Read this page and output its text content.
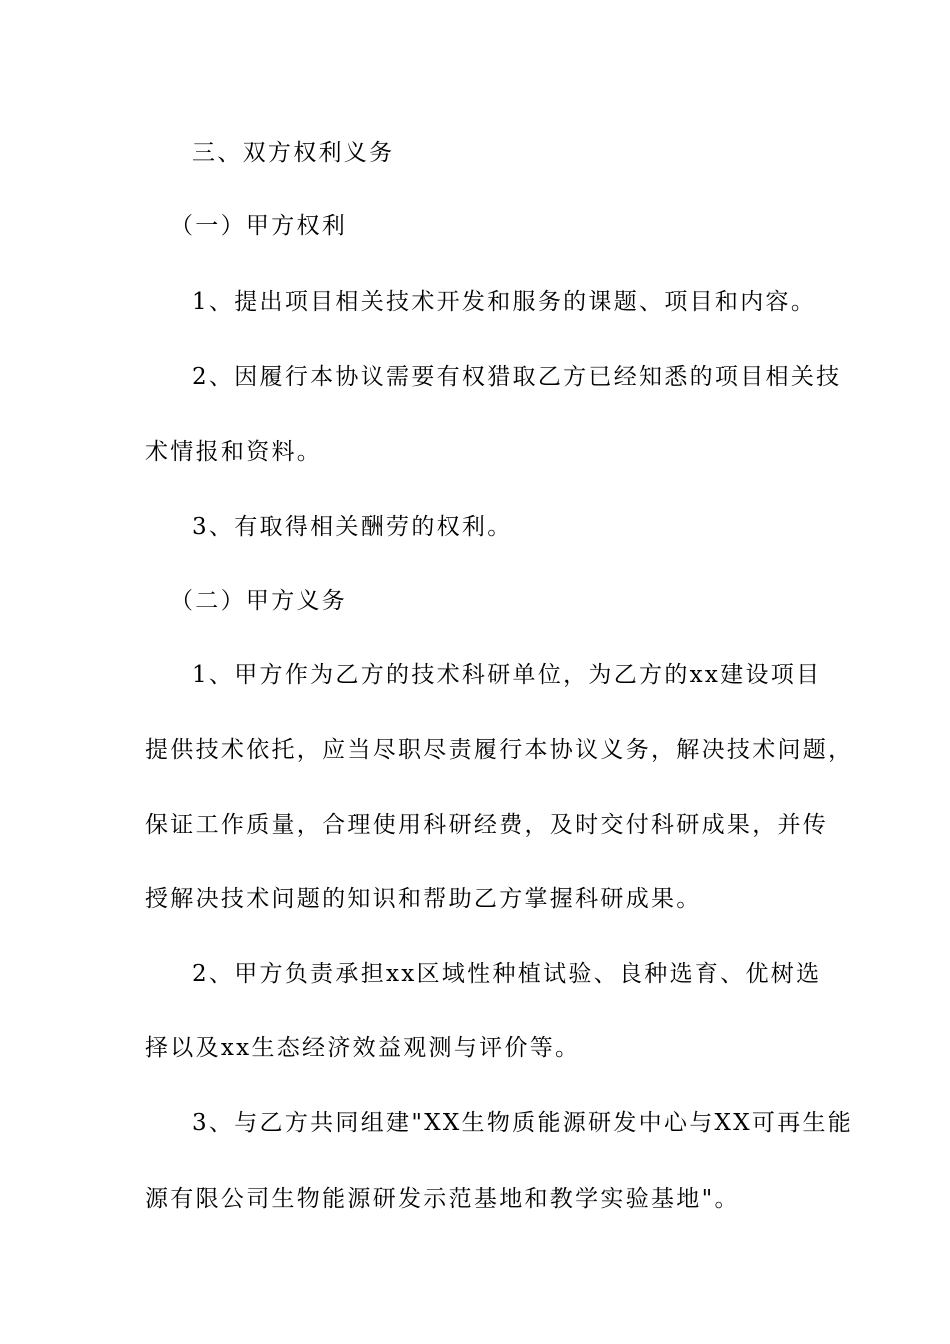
三、双方权利义务
（一）甲方权利
1、提出项目相关技术开发和服务的课题、项目和内容。
2、因履行本协议需要有权猎取乙方已经知悉的项目相关技
术情报和资料。
3、有取得相关酬劳的权利。
（二）甲方义务
1、甲方作为乙方的技术科研单位，为乙方的xx建设项目
提供技术依托，应当尽职尽责履行本协议义务，解决技术问题，
保证工作质量，合理使用科研经费，及时交付科研成果，并传
授解决技术问题的知识和帮助乙方掌握科研成果。
2、甲方负责承担xx区域性种植试验、良种选育、优树选
择以及xx生态经济效益观测与评价等。
3、与乙方共同组建"XX生物质能源研发中心与XX可再生能
源有限公司生物能源研发示范基地和教学实验基地"。
